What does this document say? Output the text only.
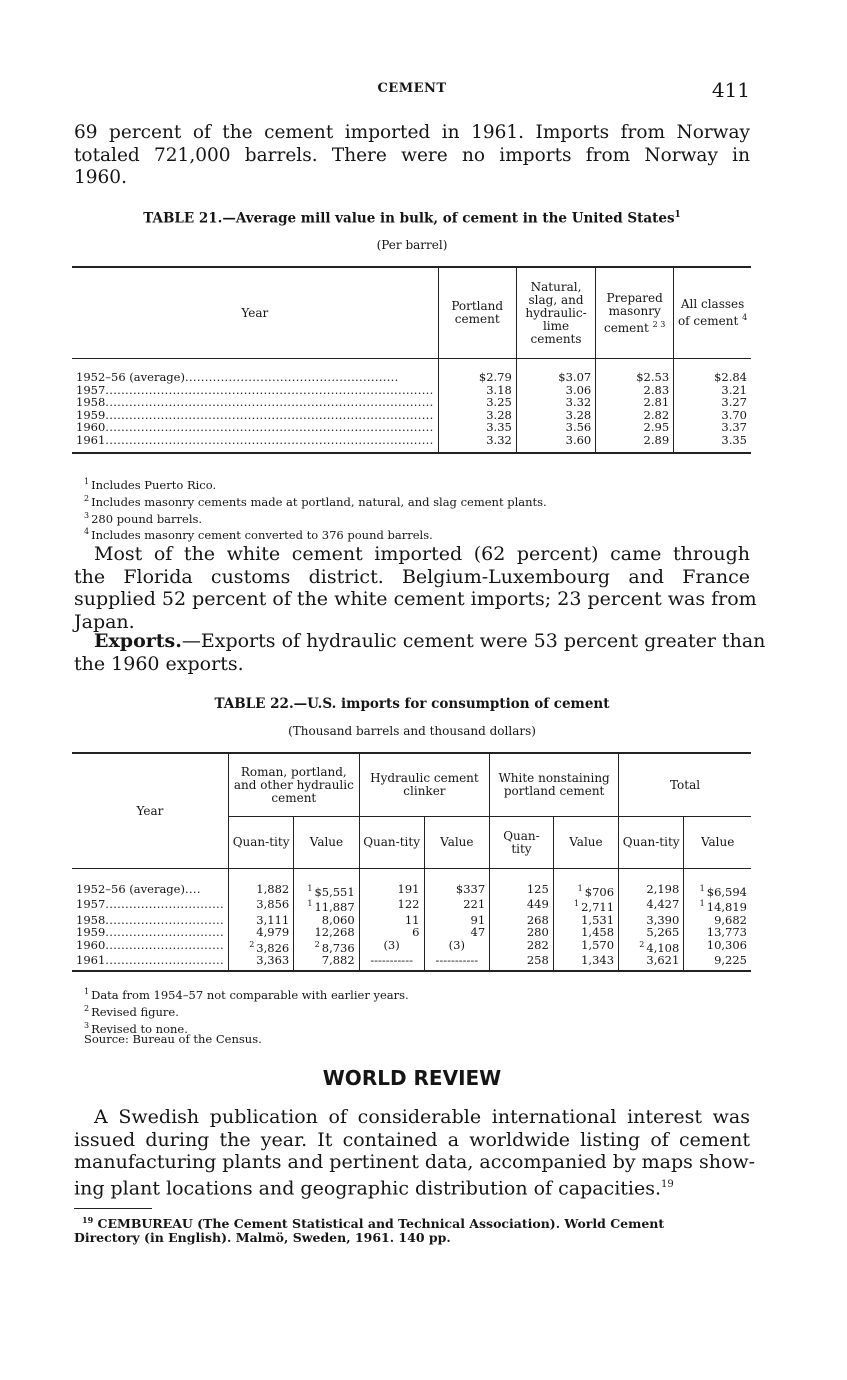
CEMENT	411
69 percent of the cement imported in 1961. Imports from Norway
totaled 721,000 barrels. There were no imports from Norway in
1960.
TABLE 21.—Average mill value in bulk, of cement in the United States$^1$
(Per barrel)
Year	Portland cement	Natural, slag, and hydraulic-lime cements	Prepared masonry cement $^{2 3}$	All classes of cement $^4$

1952–56 (average)......................................................	$2.79	$3.07	$2.53	$2.84
1957...................................................................................	3.18	3.06	2.83	3.21
1958...................................................................................	3.25	3.32	2.81	3.27
1959...................................................................................	3.28	3.28	2.82	3.70
1960...................................................................................	3.35	3.56	2.95	3.37
1961...................................................................................	3.32	3.60	2.89	3.35

$^1$ Includes Puerto Rico.
$^2$ Includes masonry cements made at portland, natural, and slag cement plants.
$^3$ 280 pound barrels.
$^4$ Includes masonry cement converted to 376 pound barrels.
Most of the white cement imported (62 percent) came through
the Florida customs district. Belgium-Luxembourg and France
supplied 52 percent of the white cement imports; 23 percent was from
Japan.
Exports.—Exports of hydraulic cement were 53 percent greater than
the 1960 exports.
TABLE 22.—U.S. imports for consumption of cement
(Thousand barrels and thousand dollars)
Year	Roman, portland, and other hydraulic cement		Hydraulic cement clinker		White nonstaining portland cement		Total	
	Quan-tity	Value	Quan-tity	Value	Quan-tity	Value	Quan-tity	Value

1952–56 (average)....	1,882	$^1$ $5,551	191	$337	125	$^1$ $706	2,198	$^1$ $6,594
1957..............................	3,856	$^1$ 11,887	122	221	449	$^1$ 2,711	4,427	$^1$ 14,819
1958..............................	3,111	8,060	11	91	268	1,531	3,390	9,682
1959..............................	4,979	12,268	6	47	280	1,458	5,265	13,773
1960..............................	$^2$ 3,826	$^2$ 8,736	(3)	(3)	282	1,570	$^2$ 4,108	10,306
1961..............................	3,363	7,882	-----------	-----------	258	1,343	3,621	9,225

$^1$ Data from 1954–57 not comparable with earlier years.
$^2$ Revised figure.
$^3$ Revised to none.
Source: Bureau of the Census.
WORLD REVIEW
A Swedish publication of considerable international interest was
issued during the year. It contained a worldwide listing of cement
manufacturing plants and pertinent data, accompanied by maps show-
ing plant locations and geographic distribution of capacities.$^{19}$
$^{19}$ CEMBUREAU (The Cement Statistical and Technical Association). World Cement
Directory (in English). Malmö, Sweden, 1961. 140 pp.
